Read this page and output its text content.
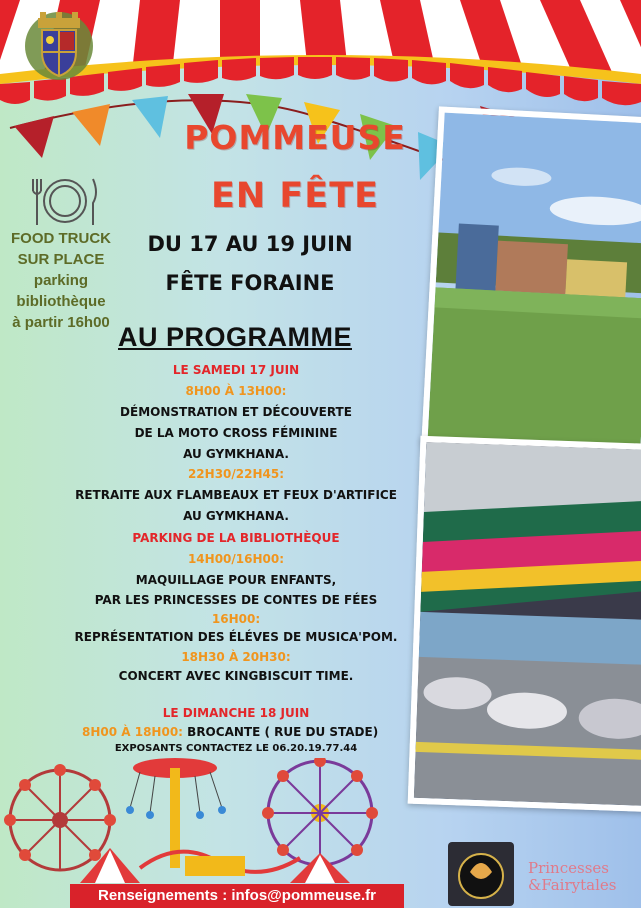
FOOD TRUCK
SUR PLACE
parking
bibliothèque
à partir 16h00
POMMEUSE
EN FÊTE
DU 17 AU 19 JUIN
FÊTE FORAINE
AU PROGRAMME
LE SAMEDI 17 JUIN
8H00 À 13H00:
DÉMONSTRATION ET DÉCOUVERTE
DE LA MOTO CROSS FÉMININE
AU GYMKHANA.
22H30/22H45:
RETRAITE AUX FLAMBEAUX ET FEUX D'ARTIFICE
AU GYMKHANA.
PARKING DE LA BIBLIOTHÈQUE
14H00/16H00:
MAQUILLAGE POUR ENFANTS,
PAR LES PRINCESSES DE CONTES DE FÉES
16H00:
REPRÉSENTATION DES ÉLÉVES DE MUSICA'POM.
18H30 À 20H30:
CONCERT AVEC KINGBISCUIT TIME.
LE DIMANCHE 18 JUIN
8H00 À 18H00: BROCANTE ( RUE DU STADE)
EXPOSANTS CONTACTEZ LE 06.20.19.77.44
Renseignements : infos@pommeuse.fr
Princesses
&Fairytales
